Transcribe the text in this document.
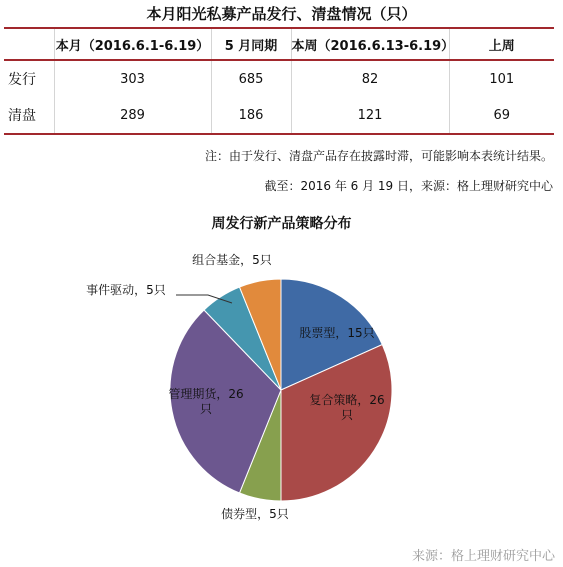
本月阳光私募产品发行、清盘情况（只）
	本月（2016.6.1-6.19）	5 月同期	本周（2016.6.13-6.19）	上周
发行	303	685	82	101
清盘	289	186	121	69
注：由于发行、清盘产品存在披露时滞，可能影响本表统计结果。
截至：2016 年 6 月 19 日，来源：格上理财研究中心
周发行新产品策略分布
股票型，15只
复合策略，26 只
债券型，5只
管理期货，26 只
事件驱动，5只
组合基金，5只
来源：格上理财研究中心
